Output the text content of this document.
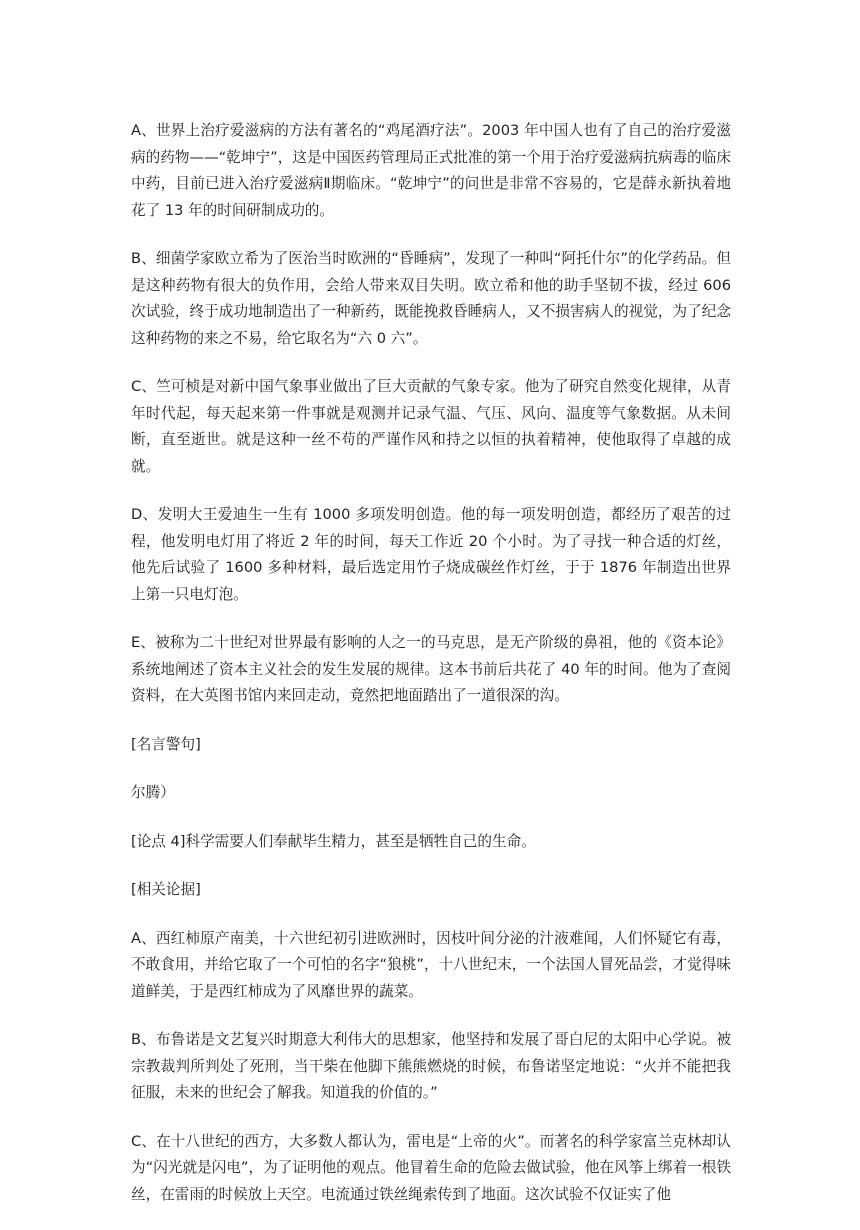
A、世界上治疗爱滋病的方法有著名的“鸡尾酒疗法”。2003 年中国人也有了自己的治疗爱滋病的药物——“乾坤宁”，这是中国医药管理局正式批准的第一个用于治疗爱滋病抗病毒的临床中药，目前已进入治疗爱滋病Ⅱ期临床。“乾坤宁”的问世是非常不容易的，它是薛永新执着地花了 13 年的时间研制成功的。

B、细菌学家欧立希为了医治当时欧洲的“昏睡病”，发现了一种叫“阿托什尔”的化学药品。但是这种药物有很大的负作用，会给人带来双目失明。欧立希和他的助手坚韧不拔，经过 606 次试验，终于成功地制造出了一种新药，既能挽救昏睡病人，又不损害病人的视觉，为了纪念这种药物的来之不易，给它取名为“六 0 六”。

C、竺可桢是对新中国气象事业做出了巨大贡献的气象专家。他为了研究自然变化规律，从青年时代起，每天起来第一件事就是观测并记录气温、气压、风向、温度等气象数据。从未间断，直至逝世。就是这种一丝不苟的严谨作风和持之以恒的执着精神，使他取得了卓越的成就。

D、发明大王爱迪生一生有 1000 多项发明创造。他的每一项发明创造，都经历了艰苦的过程，他发明电灯用了将近 2 年的时间，每天工作近 20 个小时。为了寻找一种合适的灯丝，他先后试验了 1600 多种材料，最后选定用竹子烧成碳丝作灯丝，于于 1876 年制造出世界上第一只电灯泡。

E、被称为二十世纪对世界最有影响的人之一的马克思，是无产阶级的鼻祖，他的《资本论》系统地阐述了资本主义社会的发生发展的规律。这本书前后共花了 40 年的时间。他为了查阅资料，在大英图书馆内来回走动，竟然把地面踏出了一道很深的沟。

[名言警句]

尔腾）

[论点 4]科学需要人们奉献毕生精力，甚至是牺牲自己的生命。

[相关论据]

A、西红柿原产南美，十六世纪初引进欧洲时，因枝叶间分泌的汁液难闻，人们怀疑它有毒，不敢食用，并给它取了一个可怕的名字“狼桃”，十八世纪末，一个法国人冒死品尝，才觉得味道鲜美，于是西红柿成为了风靡世界的蔬菜。

B、布鲁诺是文艺复兴时期意大利伟大的思想家，他坚持和发展了哥白尼的太阳中心学说。被宗教裁判所判处了死刑，当干柴在他脚下熊熊燃烧的时候，布鲁诺坚定地说：“火并不能把我征服，未来的世纪会了解我。知道我的价值的。”

C、在十八世纪的西方，大多数人都认为，雷电是“上帝的火”。而著名的科学家富兰克林却认为“闪光就是闪电”，为了证明他的观点。他冒着生命的危险去做试验，他在风筝上绑着一根铁丝，在雷雨的时候放上天空。电流通过铁丝绳索传到了地面。这次试验不仅证实了他
